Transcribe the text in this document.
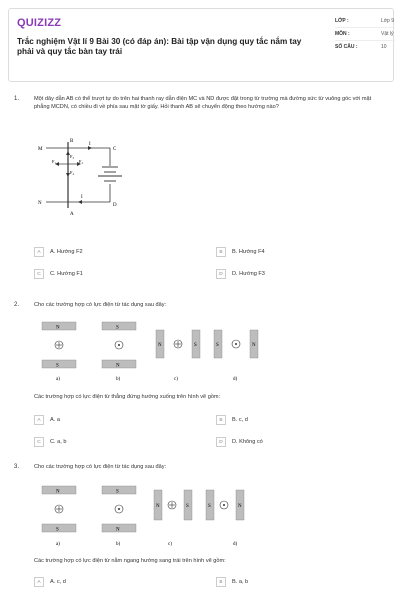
QUIZIZZ
Trắc nghiệm Vật lí 9 Bài 30 (có đáp án): Bài tập vận dụng quy tắc nắm tay phải và quy tắc bàn tay trái
LỚP :	Lớp 9
MÔN :	Vật lý
SỐ CÂU :	10
1.	Một dây dẫn AB có thể trượt tự do trên hai thanh ray dẫn điện MC và ND được đặt trong từ trường mà đường sức từ vuông góc với mặt phẳng MCDN, có chiều đi về phía sau mặt tờ giấy. Hỏi thanh AB sẽ chuyển động theo hướng nào?
B
M	C
N	D
A
I
I
F₃
F₂
F₁
F₄
A	A. Hướng F2	B	B. Hướng F4
C	C. Hướng F1	D	D. Hướng F3
2.	Cho các trường hợp có lực điện từ tác dụng sau đây:
N
S
a)
S
N
b)
N	S
c)
S	N
d)
Các trường hợp có lực điện từ thẳng đứng hướng xuống trên hình vẽ gồm:
A	A. a	B	B. c, d
C	C. a, b	D	D. Không có
3.	Cho các trường hợp có lực điện từ tác dụng sau đây:
N
S
a)
S
N
b)
N	S
c)
S	N
d)
Các trường hợp có lực điện từ nằm ngang hướng sang trái trên hình vẽ gồm:
A	A. c, d	B	B. a, b
